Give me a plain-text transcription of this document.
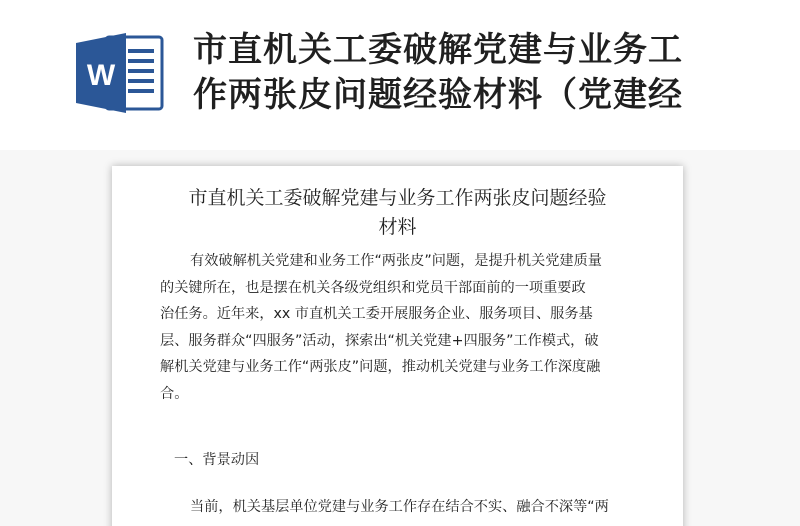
W
市直机关工委破解党建与业务工
作两张皮问题经验材料（党建经
市直机关工委破解党建与业务工作两张皮问题经验
材料

有效破解机关党建和业务工作“两张皮”问题，是提升机关党建质量
的关键所在，也是摆在机关各级党组织和党员干部面前的一项重要政
治任务。近年来，xx 市直机关工委开展服务企业、服务项目、服务基
层、服务群众“四服务”活动，探索出“机关党建+四服务”工作模式，破
解机关党建与业务工作“两张皮”问题，推动机关党建与业务工作深度融
合。

一、背景动因
当前，机关基层单位党建与业务工作存在结合不实、融合不深等“两
